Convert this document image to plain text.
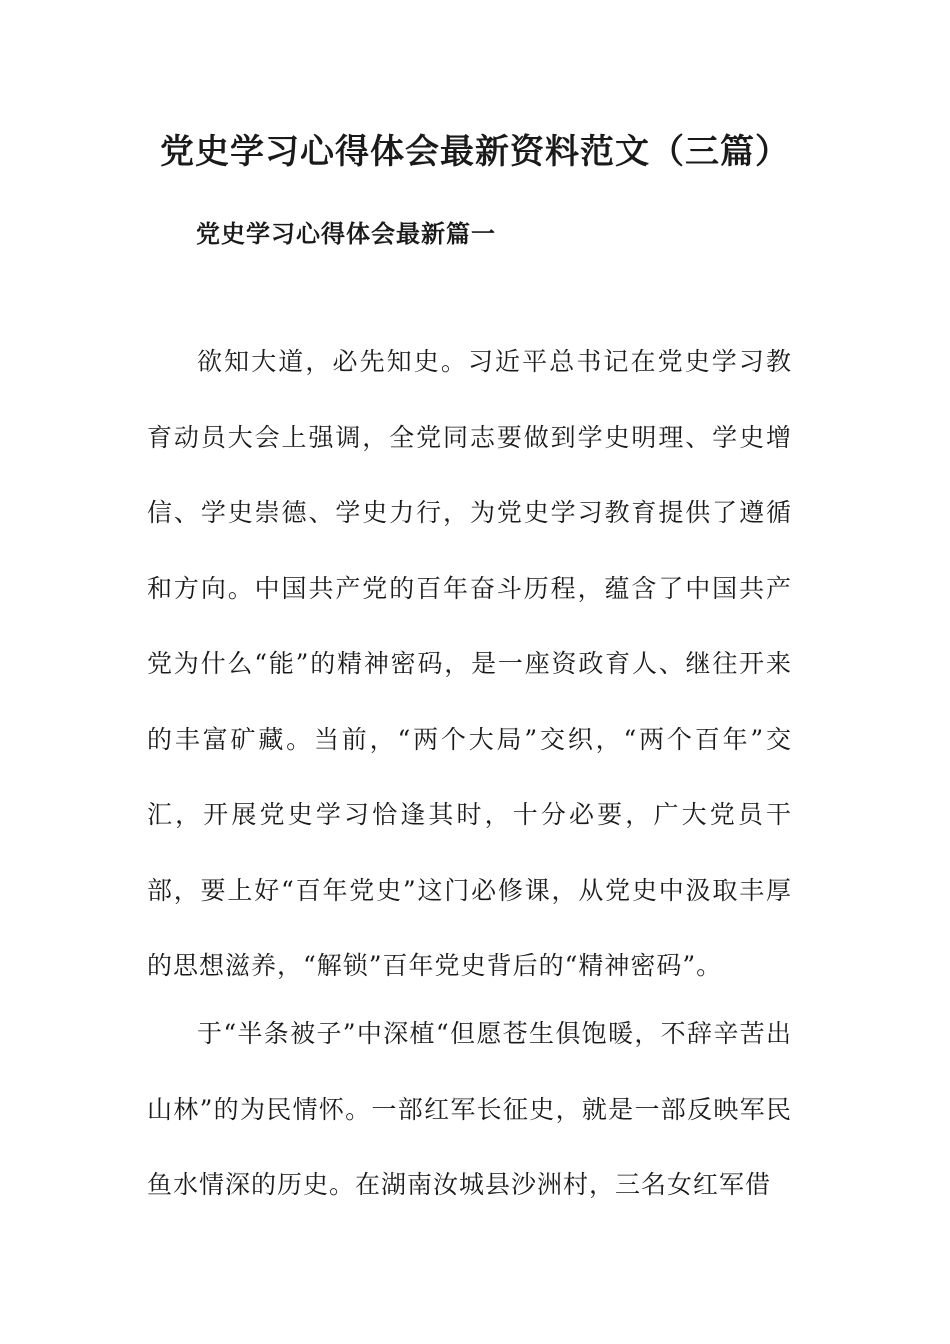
党史学习心得体会最新资料范文（三篇）
党史学习心得体会最新篇一

欲知大道，必先知史。习近平总书记在党史学习教育动员大会上强调，全党同志要做到学史明理、学史增信、学史崇德、学史力行，为党史学习教育提供了遵循和方向。中国共产党的百年奋斗历程，蕴含了中国共产党为什么“能”的精神密码，是一座资政育人、继往开来的丰富矿藏。当前，“两个大局”交织，“两个百年”交汇，开展党史学习恰逢其时，十分必要，广大党员干部，要上好“百年党史”这门必修课，从党史中汲取丰厚的思想滋养，“解锁”百年党史背后的“精神密码”。

于“半条被子”中深植“但愿苍生俱饱暖，不辞辛苦出山林”的为民情怀。一部红军长征史，就是一部反映军民鱼水情深的历史。在湖南汝城县沙洲村，三名女红军借
